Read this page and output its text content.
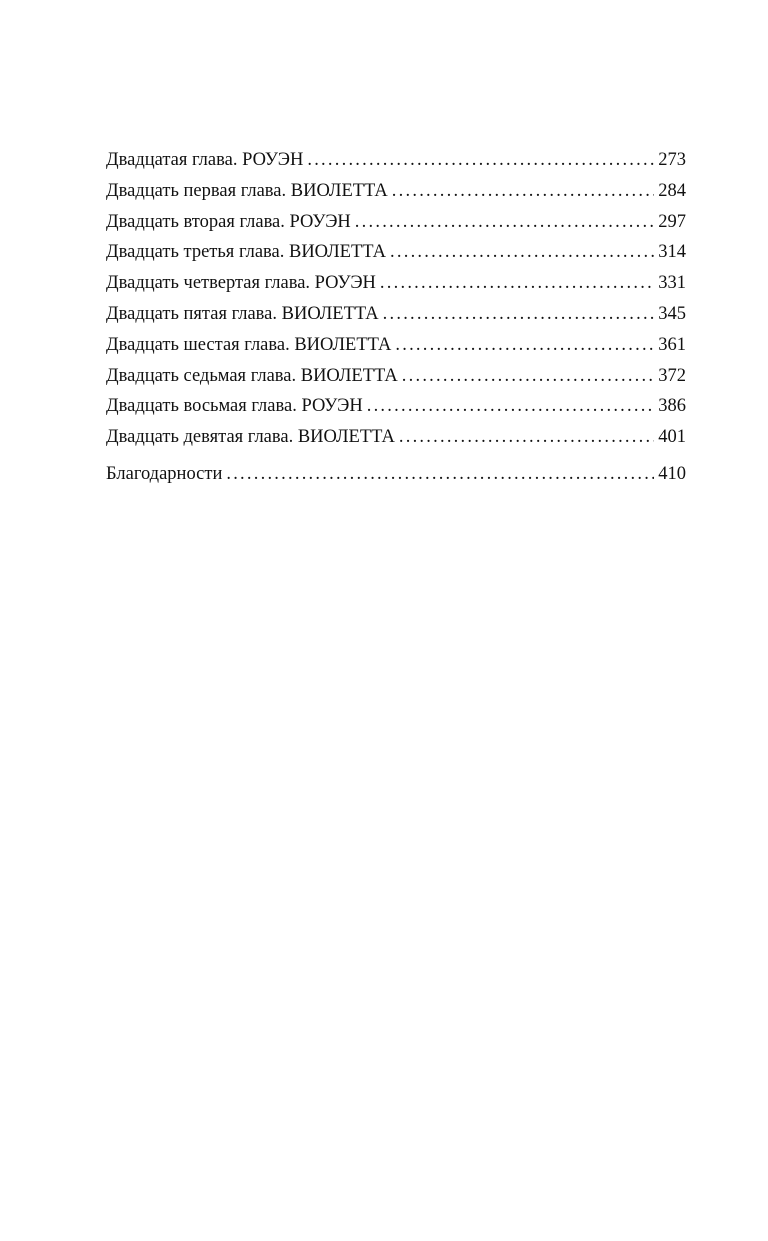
Двадцатая глава. РОУЭН . . .	273
Двадцать первая глава. ВИОЛЕТТА . . .	284
Двадцать вторая глава. РОУЭН . . .	297
Двадцать третья глава. ВИОЛЕТТА . . .	314
Двадцать четвертая глава. РОУЭН . . .	331
Двадцать пятая глава. ВИОЛЕТТА . . .	345
Двадцать шестая глава. ВИОЛЕТТА . . .	361
Двадцать седьмая глава. ВИОЛЕТТА . . .	372
Двадцать восьмая глава. РОУЭН . . .	386
Двадцать девятая глава. ВИОЛЕТТА . . .	401
Благодарности . . .	410
